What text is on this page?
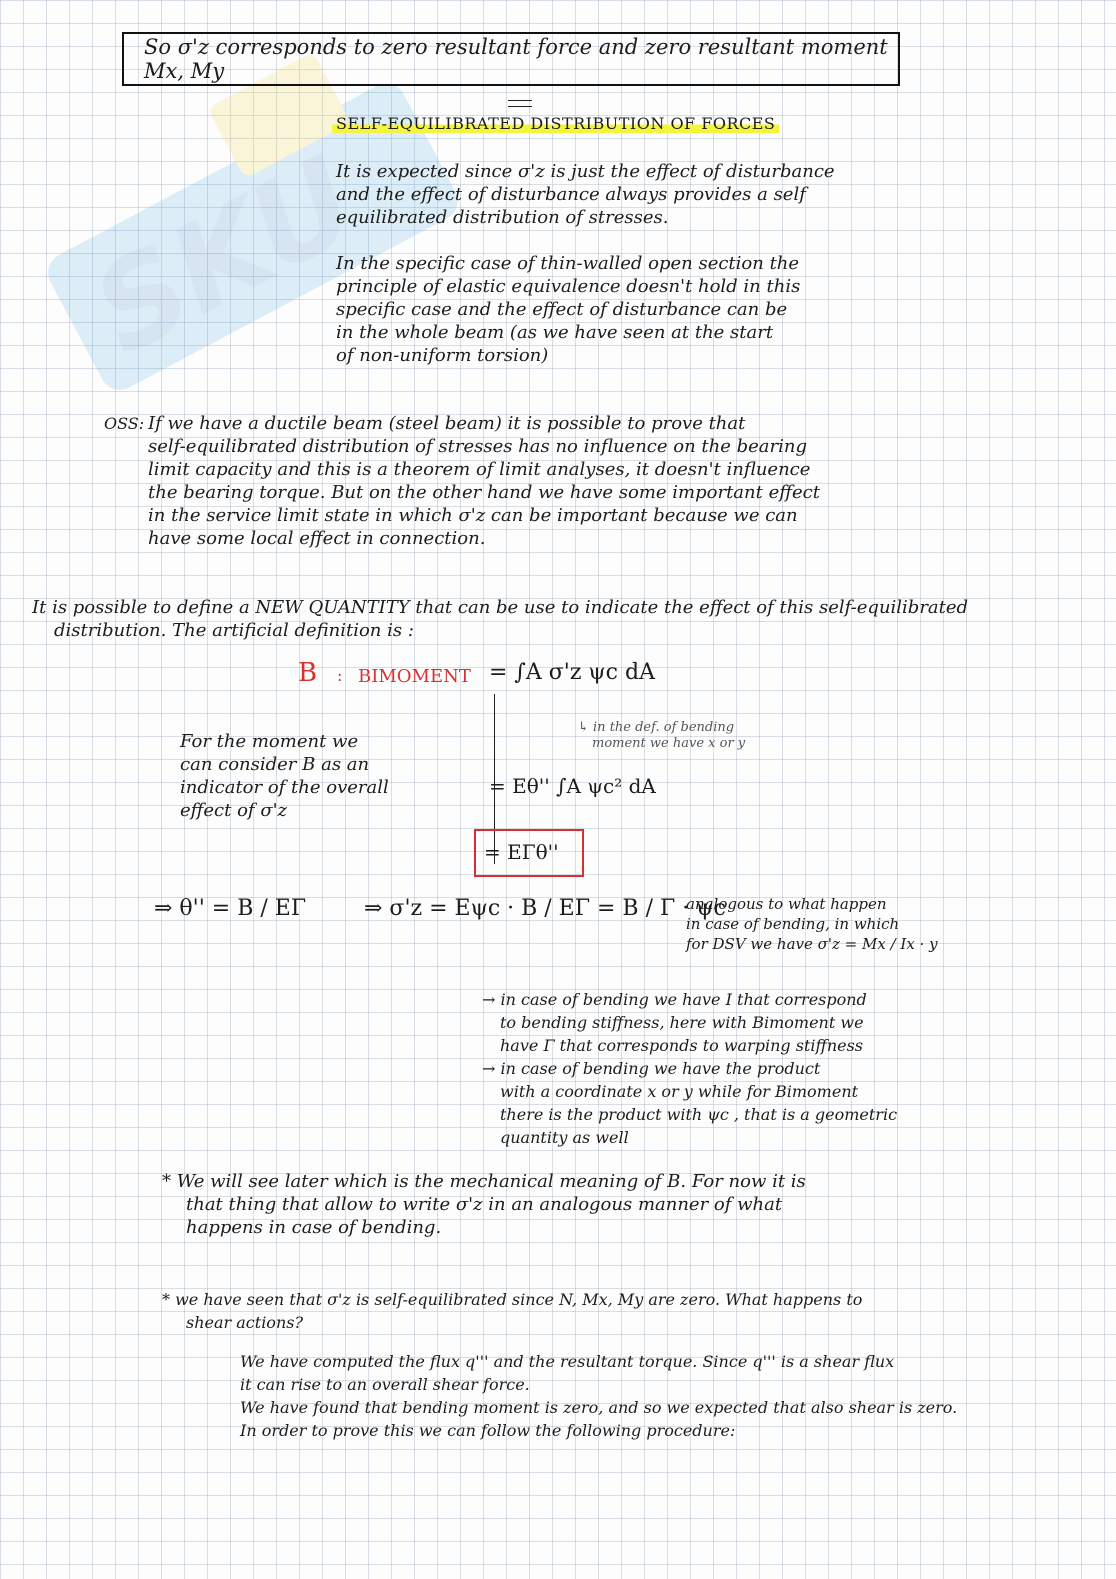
SKU
So σ'z corresponds to zero resultant force and zero resultant moment Mx, My
SELF-EQUILIBRATED DISTRIBUTION OF FORCES
It is expected since σ'z is just the effect of disturbance
and the effect of disturbance always provides a self
equilibrated distribution of stresses.
In the specific case of thin-walled open section the
principle of elastic equivalence doesn't hold in this
specific case and the effect of disturbance can be
in the whole beam (as we have seen at the start
of non-uniform torsion)
OSS: If we have a ductile beam (steel beam) it is possible to prove that
self-equilibrated distribution of stresses has no influence on the bearing
limit capacity and this is a theorem of limit analyses, it doesn't influence
the bearing torque. But on the other hand we have some important effect
in the service limit state in which σ'z can be important because we can
have some local effect in connection.
It is possible to define a NEW QUANTITY that can be use to indicate the effect of this self-equilibrated
distribution. The artificial definition is :
B : BIMOMENT = ∫A σ'z ψc dA
↳ in the def. of bending
moment we have x or y
= Eθ'' ∫A ψc² dA
= EΓθ''
For the moment we
can consider B as an
indicator of the overall
effect of σ'z
⇒ θ'' = B / EΓ	⇒ σ'z = Eψc · B / EΓ = B / Γ · ψc
analogous to what happen
in case of bending, in which
for DSV we have σ'z = Mx / Ix · y
→ in case of bending we have I that correspond
to bending stiffness, here with Bimoment we
have Γ that corresponds to warping stiffness
→ in case of bending we have the product
with a coordinate x or y while for Bimoment
there is the product with ψc , that is a geometric
quantity as well
* We will see later which is the mechanical meaning of B. For now it is
that thing that allow to write σ'z in an analogous manner of what
happens in case of bending.
* we have seen that σ'z is self-equilibrated since N, Mx, My are zero. What happens to
shear actions?
We have computed the flux q''' and the resultant torque. Since q''' is a shear flux
it can rise to an overall shear force.
We have found that bending moment is zero, and so we expected that also shear is zero.
In order to prove this we can follow the following procedure:
